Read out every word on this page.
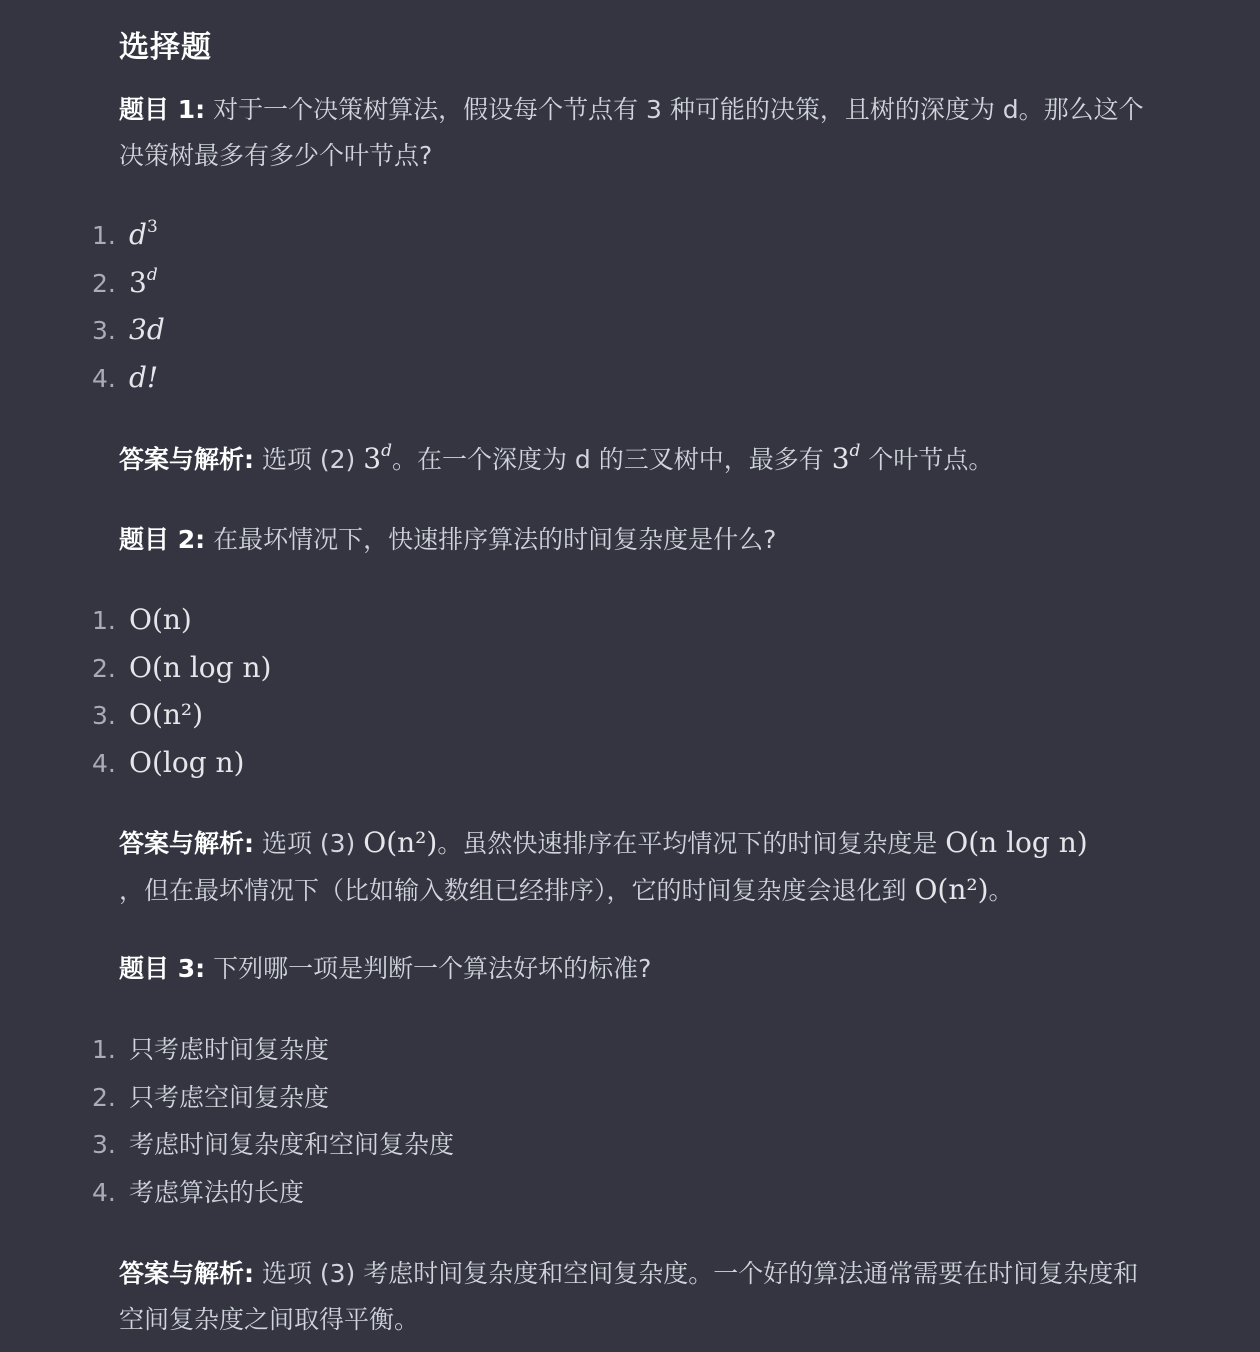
选择题
题目 1: 对于一个决策树算法，假设每个节点有 3 种可能的决策，且树的深度为 d。那么这个决策树最多有多少个叶节点?
1. $d^3$
2. 3$^d$
3. 3d
4. d!
答案与解析: 选项 (2) 3$^d$。在一个深度为 d 的三叉树中，最多有 3$^d$ 个叶节点。
题目 2: 在最坏情况下，快速排序算法的时间复杂度是什么?
1. O(n)
2. O(n log n)
3. O(n²)
4. O(log n)
答案与解析: 选项 (3) O(n²)。虽然快速排序在平均情况下的时间复杂度是 O(n log n)
，但在最坏情况下（比如输入数组已经排序），它的时间复杂度会退化到 O(n²)。
题目 3: 下列哪一项是判断一个算法好坏的标准?
1. 只考虑时间复杂度
2. 只考虑空间复杂度
3. 考虑时间复杂度和空间复杂度
4. 考虑算法的长度
答案与解析: 选项 (3) 考虑时间复杂度和空间复杂度。一个好的算法通常需要在时间复杂度和空间复杂度之间取得平衡。
